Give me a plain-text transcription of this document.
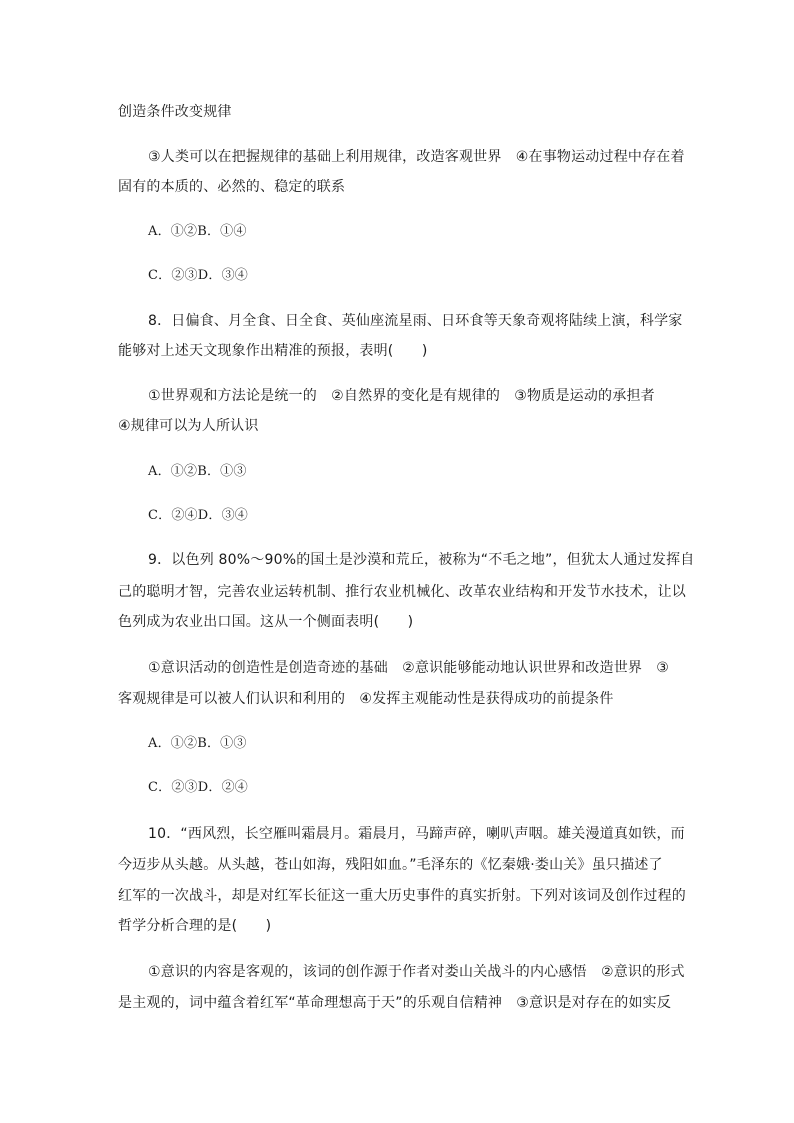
创造条件改变规律
③人类可以在把握规律的基础上利用规律，改造客观世界　④在事物运动过程中存在着
固有的本质的、必然的、稳定的联系
A．①②B．①④
C．②③D．③④
8．日偏食、月全食、日全食、英仙座流星雨、日环食等天象奇观将陆续上演，科学家
能够对上述天文现象作出精准的预报，表明(　　)
①世界观和方法论是统一的　②自然界的变化是有规律的　③物质是运动的承担者
④规律可以为人所认识
A．①②B．①③
C．②④D．③④
9．以色列 80%～90%的国土是沙漠和荒丘，被称为“不毛之地”，但犹太人通过发挥自
己的聪明才智，完善农业运转机制、推行农业机械化、改革农业结构和开发节水技术，让以
色列成为农业出口国。这从一个侧面表明(　　)
①意识活动的创造性是创造奇迹的基础　②意识能够能动地认识世界和改造世界　③
客观规律是可以被人们认识和利用的　④发挥主观能动性是获得成功的前提条件
A．①②B．①③
C．②③D．②④
10．“西风烈，长空雁叫霜晨月。霜晨月，马蹄声碎，喇叭声咽。雄关漫道真如铁，而
今迈步从头越。从头越，苍山如海，残阳如血。”毛泽东的《忆秦娥·娄山关》虽只描述了
红军的一次战斗，却是对红军长征这一重大历史事件的真实折射。下列对该词及创作过程的
哲学分析合理的是(　　)
①意识的内容是客观的，该词的创作源于作者对娄山关战斗的内心感悟　②意识的形式
是主观的，词中蕴含着红军“革命理想高于天”的乐观自信精神　③意识是对存在的如实反
